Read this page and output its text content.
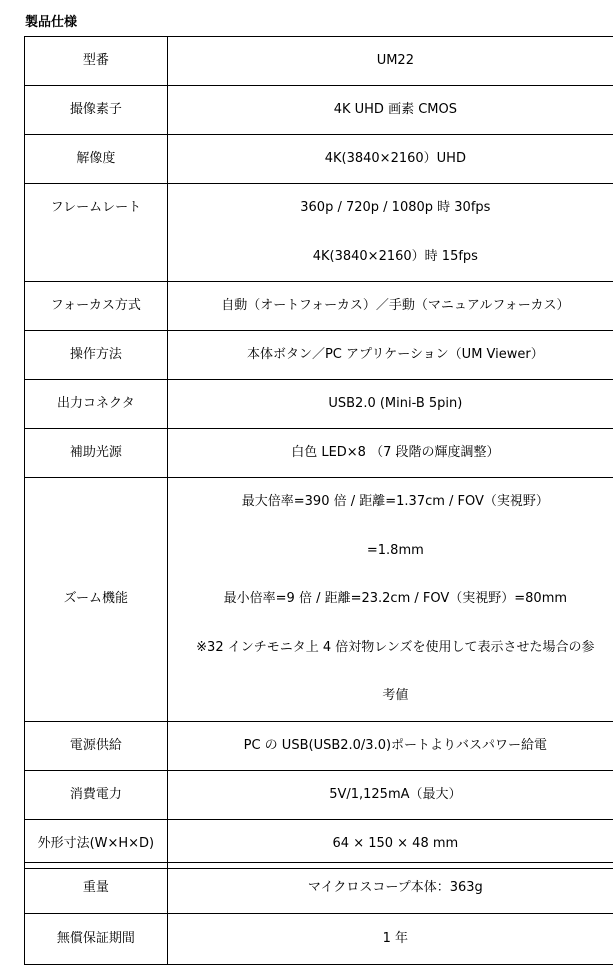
製品仕様
型番	UM22
撮像素子	4K UHD 画素 CMOS
解像度	4K(3840×2160）UHD
フレームレート	360p / 720p / 1080p 時 30fps
4K(3840×2160）時 15fps

フォーカス方式	自動（オートフォーカス）／手動（マニュアルフォーカス）
操作方法	本体ボタン／PC アプリケーション（UM Viewer）
出力コネクタ	USB2.0 (Mini-B 5pin)
補助光源	白色 LED×8 （7 段階の輝度調整）
ズーム機能	最大倍率=390 倍 / 距離=1.37cm / FOV（実視野）
=1.8mm
最小倍率=9 倍 / 距離=23.2cm / FOV（実視野）=80mm
※32 インチモニタ上 4 倍対物レンズを使用して表示させた場合の参
考値

電源供給	PC の USB(USB2.0/3.0)ポートよりバスパワー給電
消費電力	5V/1,125mA（最大）
外形寸法(W×H×D)	64 × 150 × 48 mm
重量	マイクロスコープ本体：363g
無償保証期間	1 年
